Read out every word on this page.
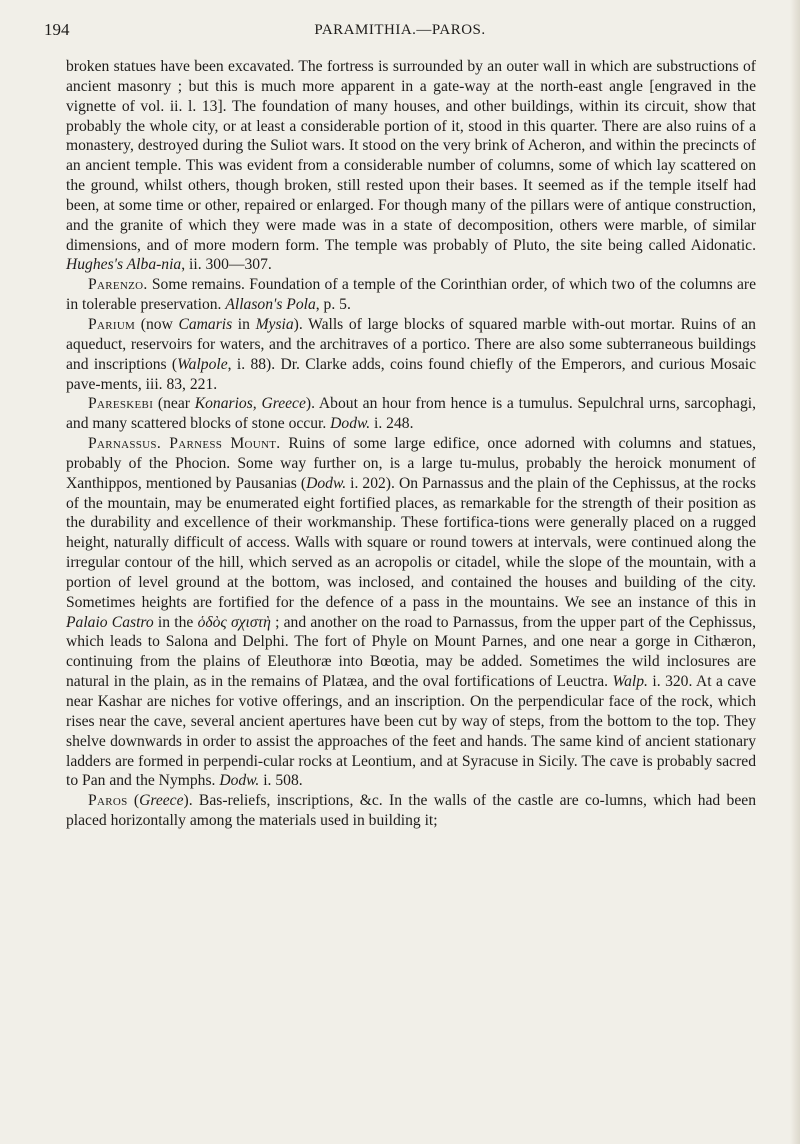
194	PARAMITHIA.—PAROS.

broken statues have been excavated. The fortress is surrounded by an outer wall in which are substructions of ancient masonry ; but this is much more apparent in a gate-way at the north-east angle [engraved in the vignette of vol. ii. l. 13]. The foundation of many houses, and other buildings, within its circuit, show that probably the whole city, or at least a considerable portion of it, stood in this quarter. There are also ruins of a monastery, destroyed during the Suliot wars. It stood on the very brink of Acheron, and within the precincts of an ancient temple. This was evident from a considerable number of columns, some of which lay scattered on the ground, whilst others, though broken, still rested upon their bases. It seemed as if the temple itself had been, at some time or other, repaired or enlarged. For though many of the pillars were of antique construction, and the granite of which they were made was in a state of decomposition, others were marble, of similar dimensions, and of more modern form. The temple was probably of Pluto, the site being called Aidonatic. Hughes's Alba-nia, ii. 300—307.

Parenzo. Some remains. Foundation of a temple of the Corinthian order, of which two of the columns are in tolerable preservation. Allason's Pola, p. 5.

Parium (now Camaris in Mysia). Walls of large blocks of squared marble with-out mortar. Ruins of an aqueduct, reservoirs for waters, and the architraves of a portico. There are also some subterraneous buildings and inscriptions (Walpole, i. 88). Dr. Clarke adds, coins found chiefly of the Emperors, and curious Mosaic pave-ments, iii. 83, 221.

Pareskebi (near Konarios, Greece). About an hour from hence is a tumulus. Sepulchral urns, sarcophagi, and many scattered blocks of stone occur. Dodw. i. 248.

Parnassus. Parness Mount. Ruins of some large edifice, once adorned with columns and statues, probably of the Phocion. Some way further on, is a large tu-mulus, probably the heroick monument of Xanthippos, mentioned by Pausanias (Dodw. i. 202). On Parnassus and the plain of the Cephissus, at the rocks of the mountain, may be enumerated eight fortified places, as remarkable for the strength of their position as the durability and excellence of their workmanship. These fortifica-tions were generally placed on a rugged height, naturally difficult of access. Walls with square or round towers at intervals, were continued along the irregular contour of the hill, which served as an acropolis or citadel, while the slope of the mountain, with a portion of level ground at the bottom, was inclosed, and contained the houses and building of the city. Sometimes heights are fortified for the defence of a pass in the mountains. We see an instance of this in Palaio Castro in the ὁδὸς σχιστὴ ; and another on the road to Parnassus, from the upper part of the Cephissus, which leads to Salona and Delphi. The fort of Phyle on Mount Parnes, and one near a gorge in Cithæron, continuing from the plains of Eleuthoræ into Bœotia, may be added. Sometimes the wild inclosures are natural in the plain, as in the remains of Platæa, and the oval fortifications of Leuctra. Walp. i. 320. At a cave near Kashar are niches for votive offerings, and an inscription. On the perpendicular face of the rock, which rises near the cave, several ancient apertures have been cut by way of steps, from the bottom to the top. They shelve downwards in order to assist the approaches of the feet and hands. The same kind of ancient stationary ladders are formed in perpendi-cular rocks at Leontium, and at Syracuse in Sicily. The cave is probably sacred to Pan and the Nymphs. Dodw. i. 508.

Paros (Greece). Bas-reliefs, inscriptions, &c. In the walls of the castle are co-lumns, which had been placed horizontally among the materials used in building it;
